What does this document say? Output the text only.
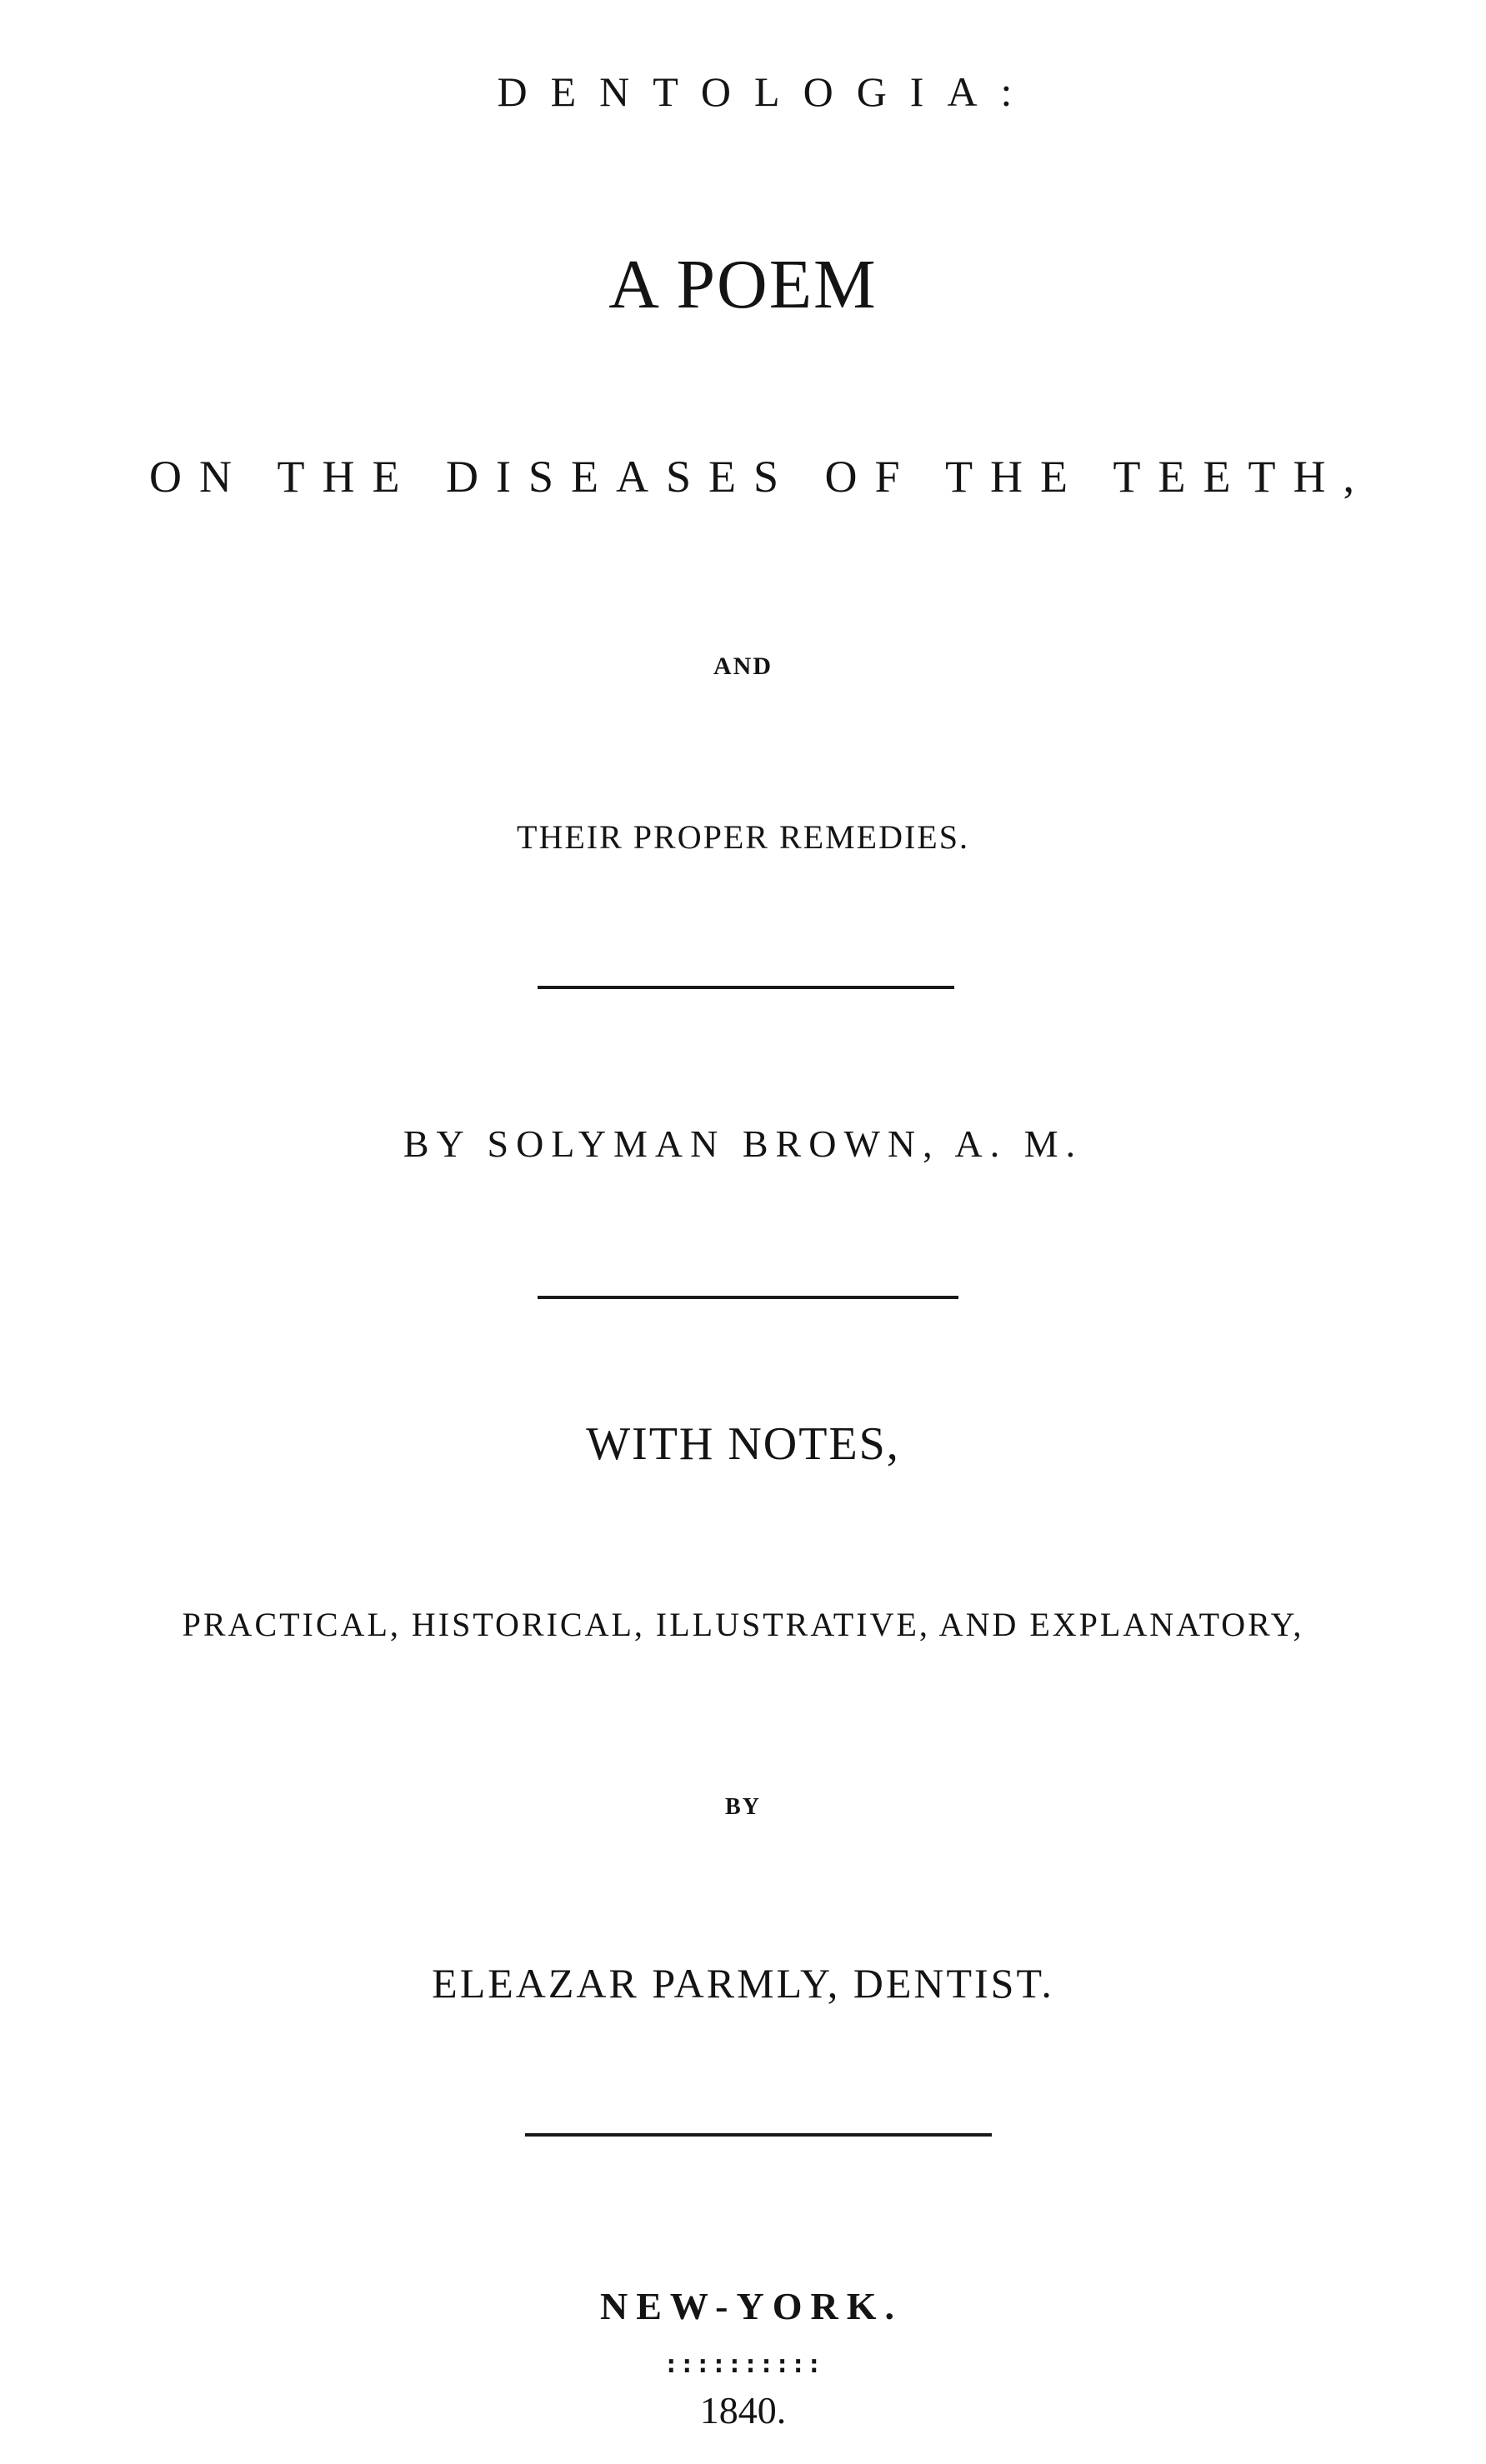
DENTOLOGIA:
A POEM
ON THE DISEASES OF THE TEETH,
AND
THEIR PROPER REMEDIES.
BY SOLYMAN BROWN, A. M.
WITH NOTES,
PRACTICAL, HISTORICAL, ILLUSTRATIVE, AND EXPLANATORY,
BY
ELEAZAR PARMLY, DENTIST.
NEW-YORK.
::::::::::
1840.
